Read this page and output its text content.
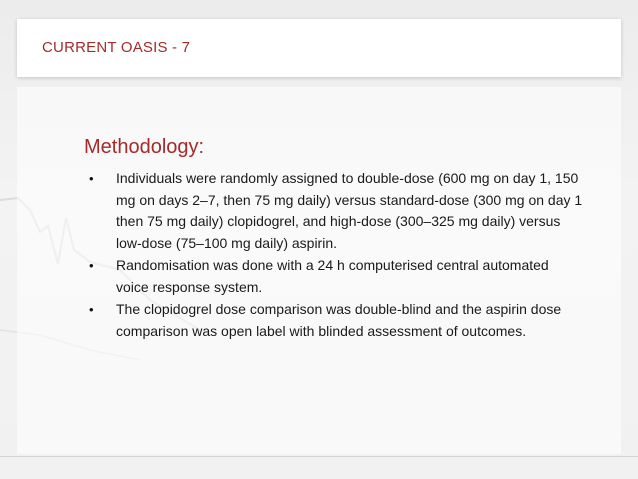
CURRENT OASIS - 7
Methodology:
• Individuals were randomly assigned to double-dose (600 mg on day 1, 150 mg on days 2–7, then 75 mg daily) versus standard-dose (300 mg on day 1 then 75 mg daily) clopidogrel, and high-dose (300–325 mg daily) versus low-dose (75–100 mg daily) aspirin.
• Randomisation was done with a 24 h computerised central automated voice response system.
• The clopidogrel dose comparison was double-blind and the aspirin dose comparison was open label with blinded assessment of outcomes.
